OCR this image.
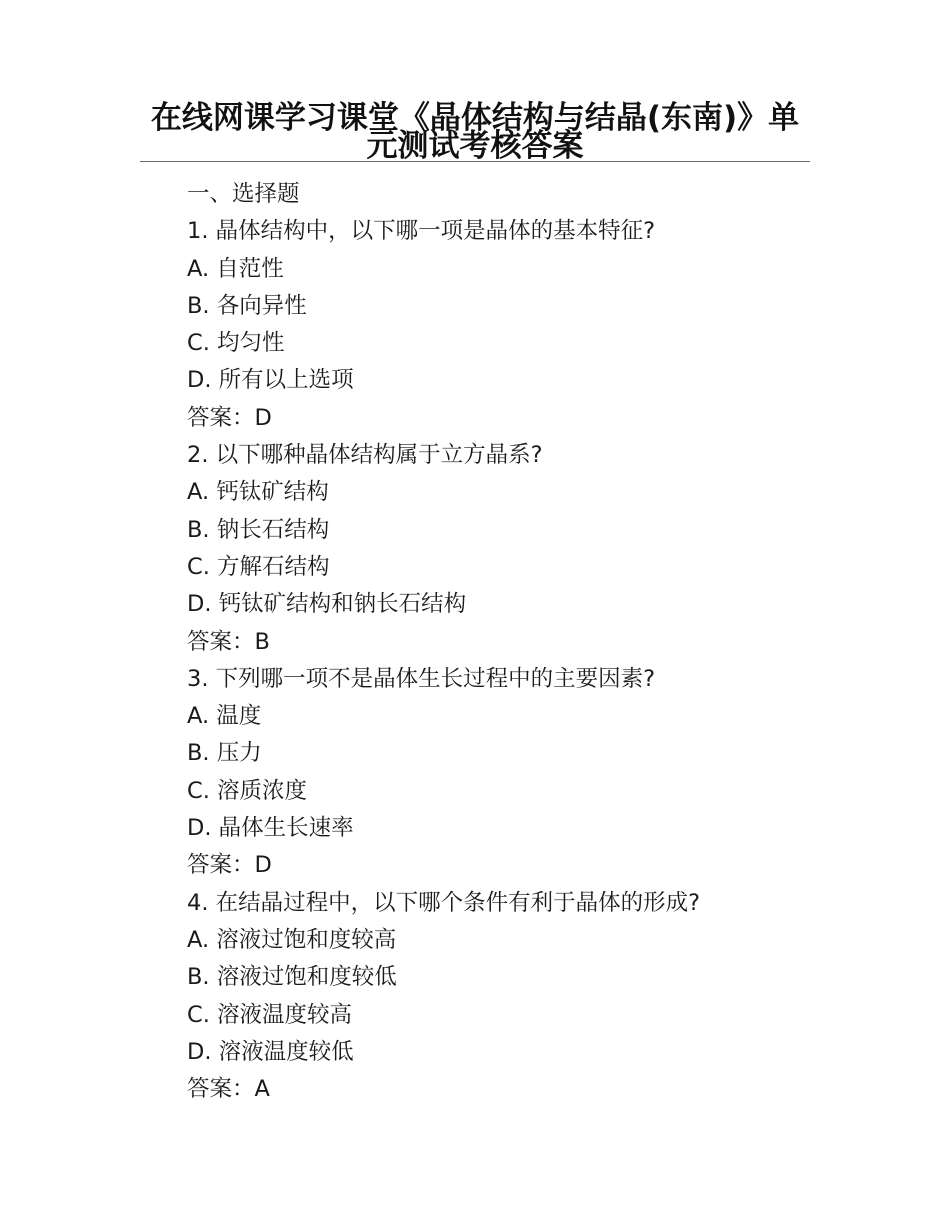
在线网课学习课堂《晶体结构与结晶(东南)》单元测试考核答案
一、选择题
1. 晶体结构中，以下哪一项是晶体的基本特征?
A. 自范性
B. 各向异性
C. 均匀性
D. 所有以上选项
答案：D
2. 以下哪种晶体结构属于立方晶系?
A. 钙钛矿结构
B. 钠长石结构
C. 方解石结构
D. 钙钛矿结构和钠长石结构
答案：B
3. 下列哪一项不是晶体生长过程中的主要因素?
A. 温度
B. 压力
C. 溶质浓度
D. 晶体生长速率
答案：D
4. 在结晶过程中，以下哪个条件有利于晶体的形成?
A. 溶液过饱和度较高
B. 溶液过饱和度较低
C. 溶液温度较高
D. 溶液温度较低
答案：A
